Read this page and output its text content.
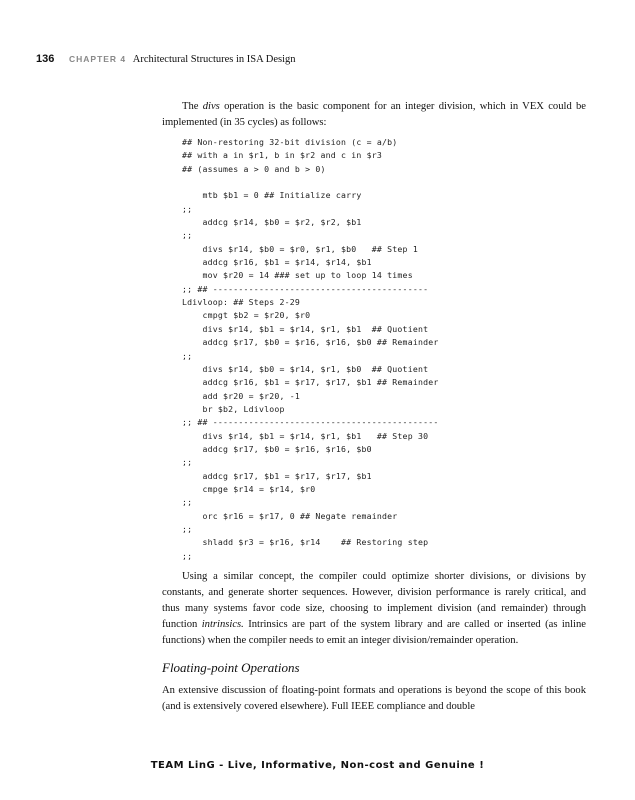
136 CHAPTER 4 Architectural Structures in ISA Design

The divs operation is the basic component for an integer division, which in VEX could be implemented (in 35 cycles) as follows:

## Non-restoring 32-bit division (c = a/b)
## with a in $r1, b in $r2 and c in $r3
## (assumes a > 0 and b > 0)
mtb $b1 = 0 ## Initialize carry
;;
addcg $r14, $b0 = $r2, $r2, $b1
;;
divs $r14, $b0 = $r0, $r1, $b0   ## Step 1
addcg $r16, $b1 = $r14, $r14, $b1
mov $r20 = 14 ### set up to loop 14 times
;; ## ------------------------------------------
Ldivloop: ## Steps 2-29
cmpgt $b2 = $r20, $r0
divs $r14, $b1 = $r14, $r1, $b1  ## Quotient
addcg $r17, $b0 = $r16, $r16, $b0 ## Remainder
;;
divs $r14, $b0 = $r14, $r1, $b0  ## Quotient
addcg $r16, $b1 = $r17, $r17, $b1 ## Remainder
add $r20 = $r20, -1
br $b2, Ldivloop
;; ## --------------------------------------------
divs $r14, $b1 = $r14, $r1, $b1   ## Step 30
addcg $r17, $b0 = $r16, $r16, $b0
;;
addcg $r17, $b1 = $r17, $r17, $b1
cmpge $r14 = $r14, $r0
;;
orc $r16 = $r17, 0 ## Negate remainder
;;
shladd $r3 = $r16, $r14    ## Restoring step
;;

Using a similar concept, the compiler could optimize shorter divisions, or divisions by constants, and generate shorter sequences. However, division performance is rarely critical, and thus many systems favor code size, choosing to implement division (and remainder) through function intrinsics. Intrinsics are part of the system library and are called or inserted (as inline functions) when the compiler needs to emit an integer division/remainder operation.

Floating-point Operations

An extensive discussion of floating-point formats and operations is beyond the scope of this book (and is extensively covered elsewhere). Full IEEE compliance and double

TEAM LinG - Live, Informative, Non-cost and Genuine !
